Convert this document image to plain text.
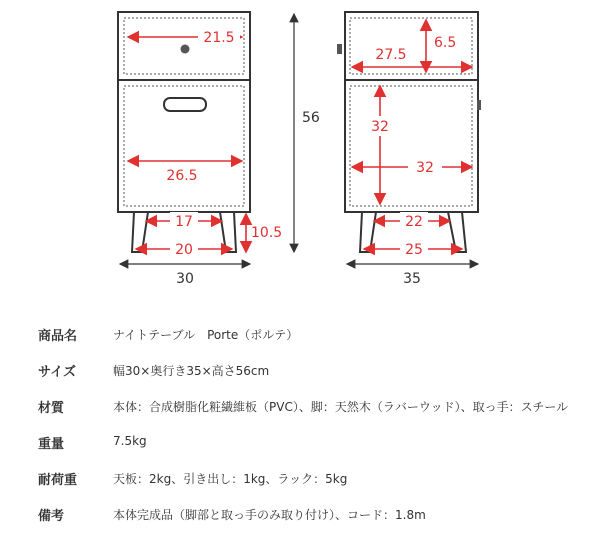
21.5
26.5
17
20
10.5
56
30
6.5
27.5
32
32
22
25
35
商品名	ナイトテーブル　Porte（ポルテ）
サイズ	幅30×奥行き35×高さ56cm
材質	本体：合成樹脂化粧繊維板（PVC）、脚：天然木（ラバーウッド）、取っ手：スチール
重量	7.5kg
耐荷重	天板：2kg、引き出し：1kg、ラック：5kg
備考	本体完成品（脚部と取っ手のみ取り付け）、コード：1.8m
